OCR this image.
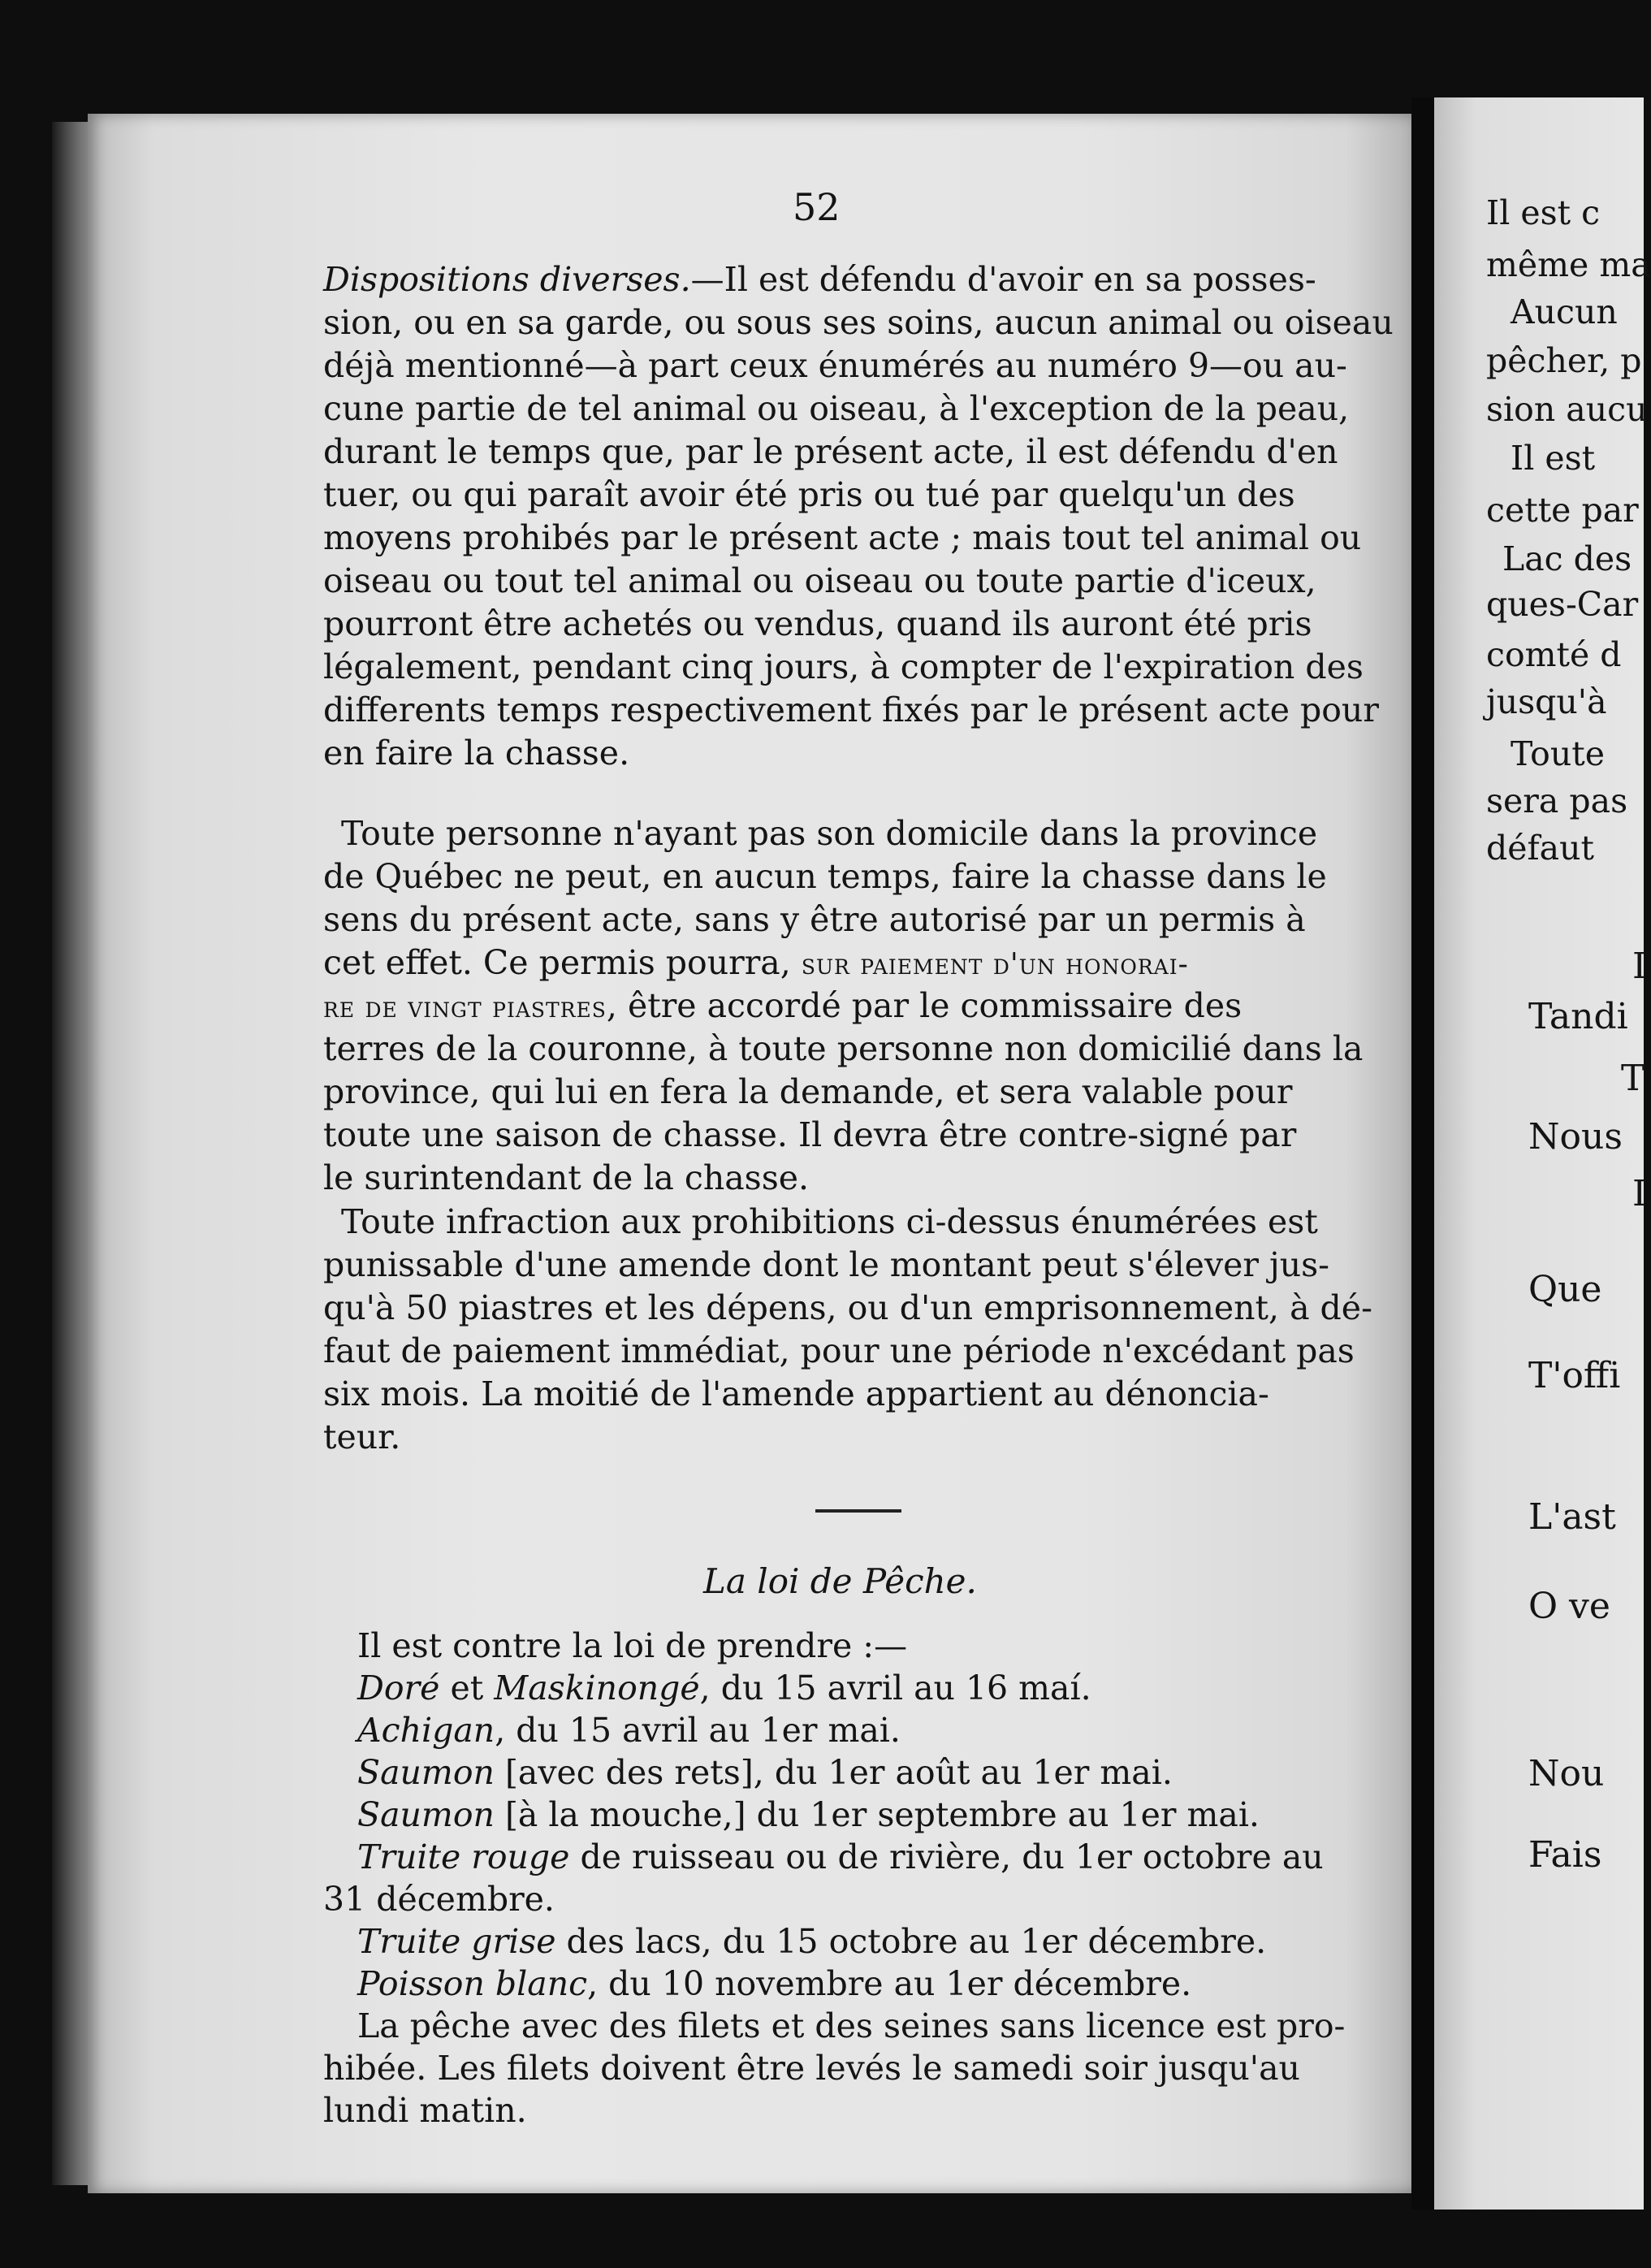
52
Dispositions diverses.—Il est défendu d'avoir en sa posses-
sion, ou en sa garde, ou sous ses soins, aucun animal ou oiseau
déjà mentionné—à part ceux énumérés au numéro 9—ou au-
cune partie de tel animal ou oiseau, à l'exception de la peau,
durant le temps que, par le présent acte, il est défendu d'en
tuer, ou qui paraît avoir été pris ou tué par quelqu'un des
moyens prohibés par le présent acte ; mais tout tel animal ou
oiseau ou tout tel animal ou oiseau ou toute partie d'iceux,
pourront être achetés ou vendus, quand ils auront été pris
légalement, pendant cinq jours, à compter de l'expiration des
differents temps respectivement fixés par le présent acte pour
en faire la chasse.
Toute personne n'ayant pas son domicile dans la province
de Québec ne peut, en aucun temps, faire la chasse dans le
sens du présent acte, sans y être autorisé par un permis à
cet effet. Ce permis pourra, sur paiement d'un honorai-
re de vingt piastres, être accordé par le commissaire des
terres de la couronne, à toute personne non domicilié dans la
province, qui lui en fera la demande, et sera valable pour
toute une saison de chasse. Il devra être contre-signé par
le surintendant de la chasse.
Toute infraction aux prohibitions ci-dessus énumérées est
punissable d'une amende dont le montant peut s'élever jus-
qu'à 50 piastres et les dépens, ou d'un emprisonnement, à dé-
faut de paiement immédiat, pour une période n'excédant pas
six mois. La moitié de l'amende appartient au dénoncia-
teur.
Il est contre la loi de prendre :—
Doré et Maskinongé, du 15 avril au 16 maí.
Achigan, du 15 avril au 1er mai.
Saumon [avec des rets], du 1er août au 1er mai.
Saumon [à la mouche,] du 1er septembre au 1er mai.
Truite rouge de ruisseau ou de rivière, du 1er octobre au
31 décembre.
Truite grise des lacs, du 15 octobre au 1er décembre.
Poisson blanc, du 10 novembre au 1er décembre.
La pêche avec des filets et des seines sans licence est pro-
hibée. Les filets doivent être levés le samedi soir jusqu'au
lundi matin.
La loi de Pêche.
Il est c
même ma
Aucun
pêcher, p
sion aucu
Il est
cette par
Lac des
ques-Car
comté d
jusqu'à
Toute
sera pas
défaut
I
Tandi
T
Nous
I
Que
T'offi
L'ast
O ve
Nou
Fais
